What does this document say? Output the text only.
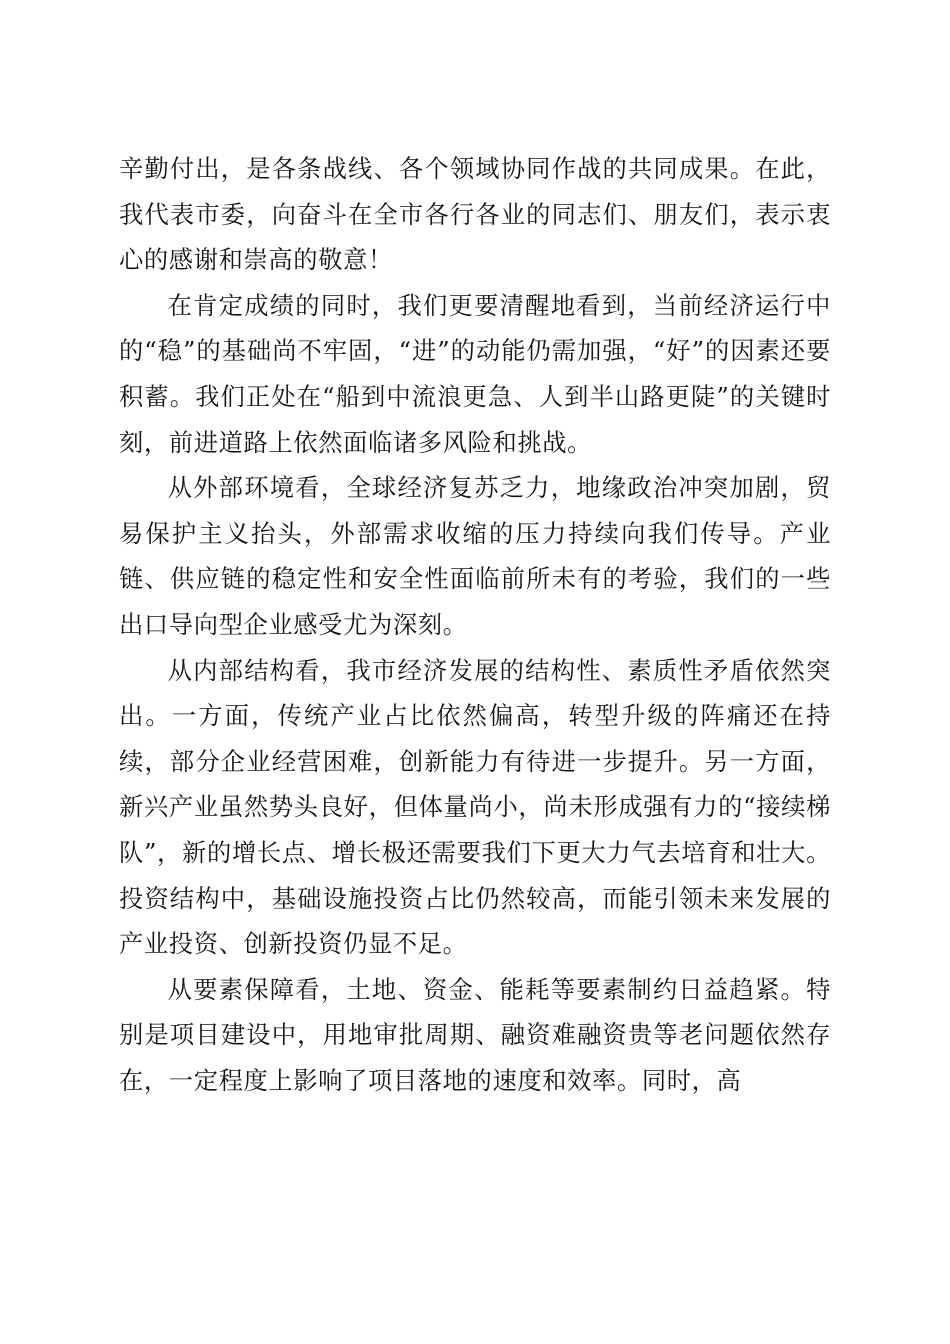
辛勤付出，是各条战线、各个领域协同作战的共同成果。在此，我代表市委，向奋斗在全市各行各业的同志们、朋友们，表示衷心的感谢和崇高的敬意！

在肯定成绩的同时，我们更要清醒地看到，当前经济运行中的“稳”的基础尚不牢固，“进”的动能仍需加强，“好”的因素还要积蓄。我们正处在“船到中流浪更急、人到半山路更陡”的关键时刻，前进道路上依然面临诸多风险和挑战。

从外部环境看，全球经济复苏乏力，地缘政治冲突加剧，贸易保护主义抬头，外部需求收缩的压力持续向我们传导。产业链、供应链的稳定性和安全性面临前所未有的考验，我们的一些出口导向型企业感受尤为深刻。

从内部结构看，我市经济发展的结构性、素质性矛盾依然突出。一方面，传统产业占比依然偏高，转型升级的阵痛还在持续，部分企业经营困难，创新能力有待进一步提升。另一方面，新兴产业虽然势头良好，但体量尚小，尚未形成强有力的“接续梯队”，新的增长点、增长极还需要我们下更大力气去培育和壮大。投资结构中，基础设施投资占比仍然较高，而能引领未来发展的产业投资、创新投资仍显不足。

从要素保障看，土地、资金、能耗等要素制约日益趋紧。特别是项目建设中，用地审批周期、融资难融资贵等老问题依然存在，一定程度上影响了项目落地的速度和效率。同时，高
